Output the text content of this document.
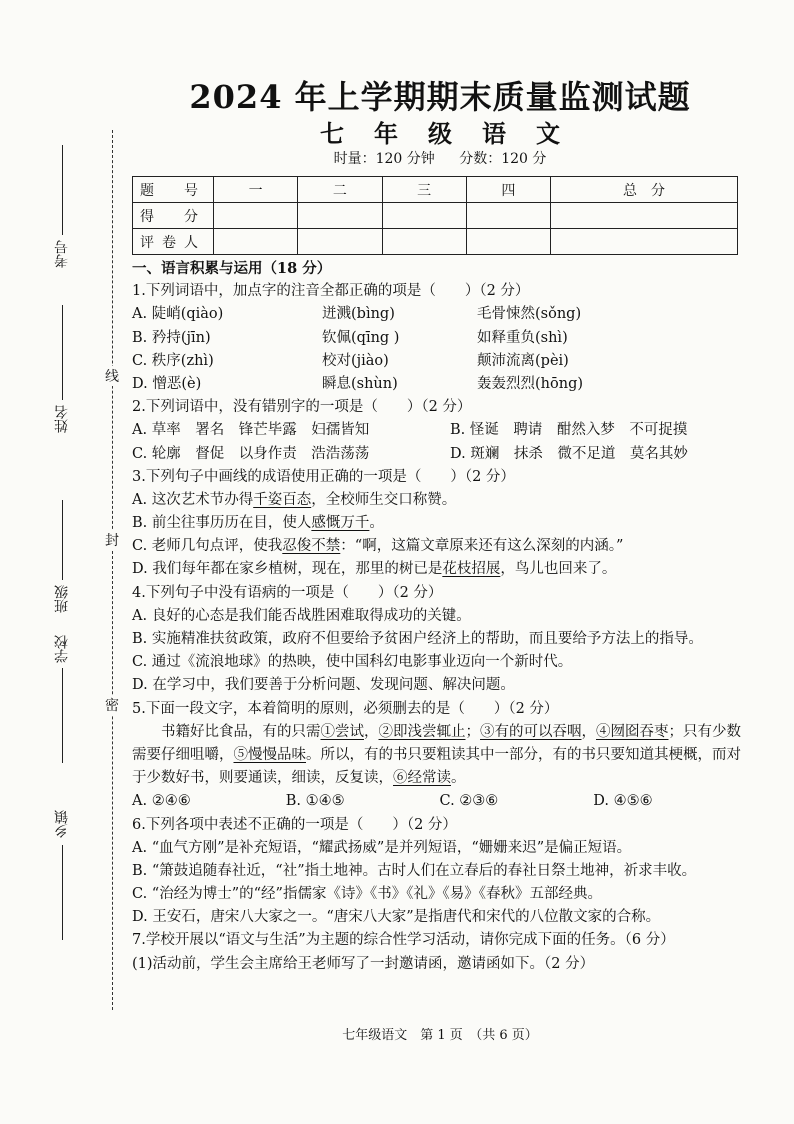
线
封
密
考号
姓名
班级
学校
乡镇
2024 年上学期期末质量监测试题
七年级语文
时量：120 分钟 分数：120 分
题　号	一	二	三	四	总　分
得　分					
评卷人					
一、语言积累与运用（18 分）
1.下列词语中，加点字的注音全都正确的项是（　　）（2 分）
A. 陡峭(qiào)	迸溅(bìng)	毛骨悚然(sǒng)
B. 矜持(jīn)	钦佩(qīng )	如释重负(shì)
C. 秩序(zhì)	校对(jiào)	颠沛流离(pèi)
D. 憎恶(è)	瞬息(shùn)	轰轰烈烈(hōng)
2.下列词语中，没有错别字的一项是（　　）（2 分）
A. 草率　署名　锋芒毕露　妇孺皆知	B. 怪诞　聘请　酣然入梦　不可捉摸
C. 轮廓　督促　以身作责　浩浩荡荡	D. 斑斓　抹杀　微不足道　莫名其妙
3.下列句子中画线的成语使用正确的一项是（　　）（2 分）
A. 这次艺术节办得千姿百态，全校师生交口称赞。
B. 前尘往事历历在目，使人感慨万千。
C. 老师几句点评，使我忍俊不禁：“啊，这篇文章原来还有这么深刻的内涵。”
D. 我们每年都在家乡植树，现在，那里的树已是花枝招展，鸟儿也回来了。
4.下列句子中没有语病的一项是（　　）（2 分）
A. 良好的心态是我们能否战胜困难取得成功的关键。
B. 实施精准扶贫政策，政府不但要给予贫困户经济上的帮助，而且要给予方法上的指导。
C. 通过《流浪地球》的热映，使中国科幻电影事业迈向一个新时代。
D. 在学习中，我们要善于分析问题、发现问题、解决问题。
5.下面一段文字，本着简明的原则，必须删去的是（　　）（2 分）
书籍好比食品，有的只需①尝试，②即浅尝辄止；③有的可以吞咽，④囫囵吞枣；只有少数需要仔细咀嚼，⑤慢慢品味。所以，有的书只要粗读其中一部分，有的书只要知道其梗概，而对于少数好书，则要通读，细读，反复读，⑥经常读。
A. ②④⑥	B. ①④⑤	C. ②③⑥	D. ④⑤⑥
6.下列各项中表述不正确的一项是（　　）（2 分）
A. “血气方刚”是补充短语，“耀武扬威”是并列短语，“姗姗来迟”是偏正短语。
B. “箫鼓追随春社近，“社”指土地神。古时人们在立春后的春社日祭土地神，祈求丰收。
C. “治经为博士”的“经”指儒家《诗》《书》《礼》《易》《春秋》五部经典。
D. 王安石，唐宋八大家之一。“唐宋八大家”是指唐代和宋代的八位散文家的合称。
7.学校开展以“语文与生活”为主题的综合性学习活动，请你完成下面的任务。（6 分）
(1)活动前，学生会主席给王老师写了一封邀请函，邀请函如下。（2 分）
七年级语文　第 1 页　（共 6 页）
